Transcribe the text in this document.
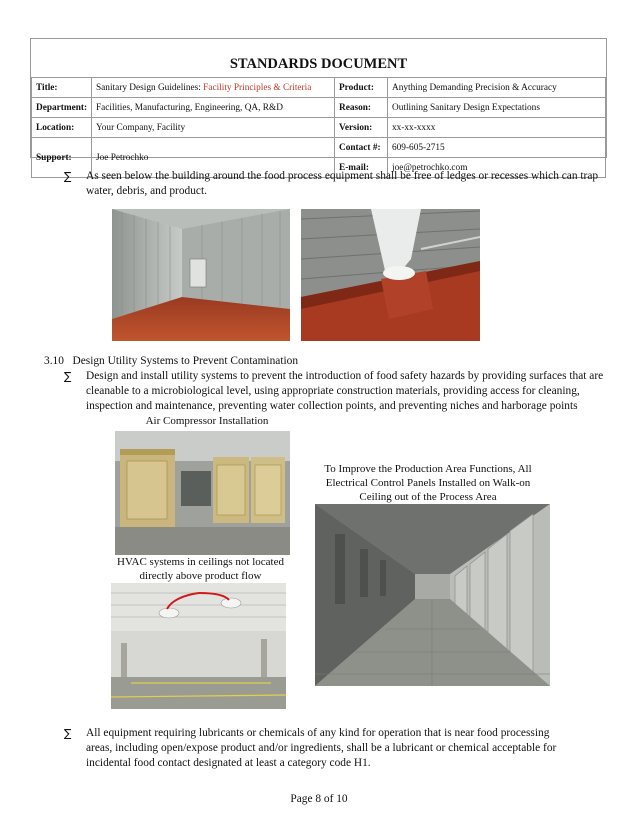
STANDARDS DOCUMENT
Title:	Sanitary Design Guidelines: Facility Principles & Criteria	Product:	Anything Demanding Precision & Accuracy
Department:	Facilities, Manufacturing, Engineering, QA, R&D	Reason:	Outlining Sanitary Design Expectations
Location:	Your Company, Facility	Version:	xx-xx-xxxx
Support:	Joe Petrochko	Contact #:	609-605-2715
		E-mail:	joe@petrochko.com
∑ As seen below the building around the food process equipment shall be free of ledges or recesses which can trap
water, debris, and product.
3.10 Design Utility Systems to Prevent Contamination
∑ Design and install utility systems to prevent the introduction of food safety hazards by providing surfaces that are
cleanable to a microbiological level, using appropriate construction materials, providing access for cleaning,
inspection and maintenance, preventing water collection points, and preventing niches and harborage points
Air Compressor Installation
To Improve the Production Area Functions, All
Electrical Control Panels Installed on Walk-on
Ceiling out of the Process Area
HVAC systems in ceilings not located
directly above product flow
∑ All equipment requiring lubricants or chemicals of any kind for operation that is near food processing
areas, including open/expose product and/or ingredients, shall be a lubricant or chemical acceptable for
incidental food contact designated at least a category code H1.
Page 8 of 10
